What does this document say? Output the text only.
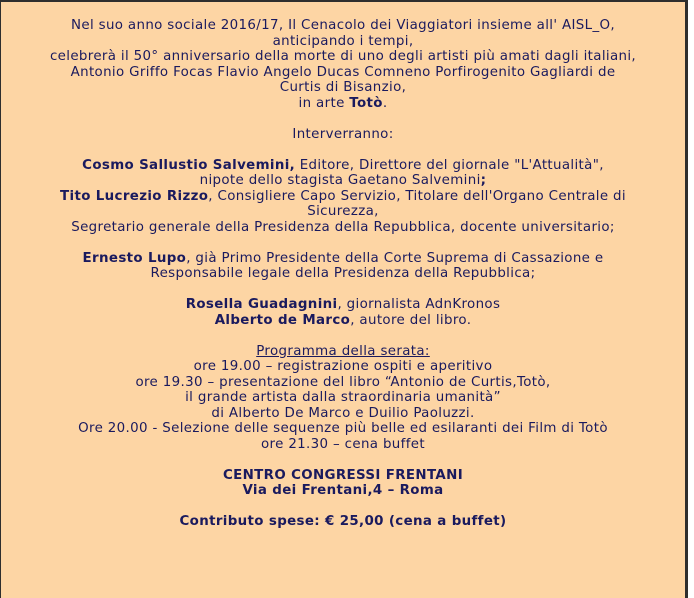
Nel suo anno sociale 2016/17, Il Cenacolo dei Viaggiatori insieme all' AISL_O,
anticipando i tempi,
celebrerà il 50° anniversario della morte di uno degli artisti più amati dagli italiani,
Antonio Griffo Focas Flavio Angelo Ducas Comneno Porfirogenito Gagliardi de
Curtis di Bisanzio,
in arte Totò.
Interverranno:
Cosmo Sallustio Salvemini, Editore, Direttore del giornale "L'Attualità",
nipote dello stagista Gaetano Salvemini;
Tito Lucrezio Rizzo, Consigliere Capo Servizio, Titolare dell'Organo Centrale di
Sicurezza,
Segretario generale della Presidenza della Repubblica, docente universitario;
Ernesto Lupo, già Primo Presidente della Corte Suprema di Cassazione e
Responsabile legale della Presidenza della Repubblica;
Rosella Guadagnini, giornalista AdnKronos
Alberto de Marco, autore del libro.
Programma della serata:
ore 19.00 – registrazione ospiti e aperitivo
ore 19.30 – presentazione del libro “Antonio de Curtis,Totò,
il grande artista dalla straordinaria umanità”
di Alberto De Marco e Duilio Paoluzzi.
Ore 20.00 - Selezione delle sequenze più belle ed esilaranti dei Film di Totò
ore 21.30 – cena buffet
CENTRO CONGRESSI FRENTANI
Via dei Frentani,4 – Roma
Contributo spese: € 25,00 (cena a buffet)
